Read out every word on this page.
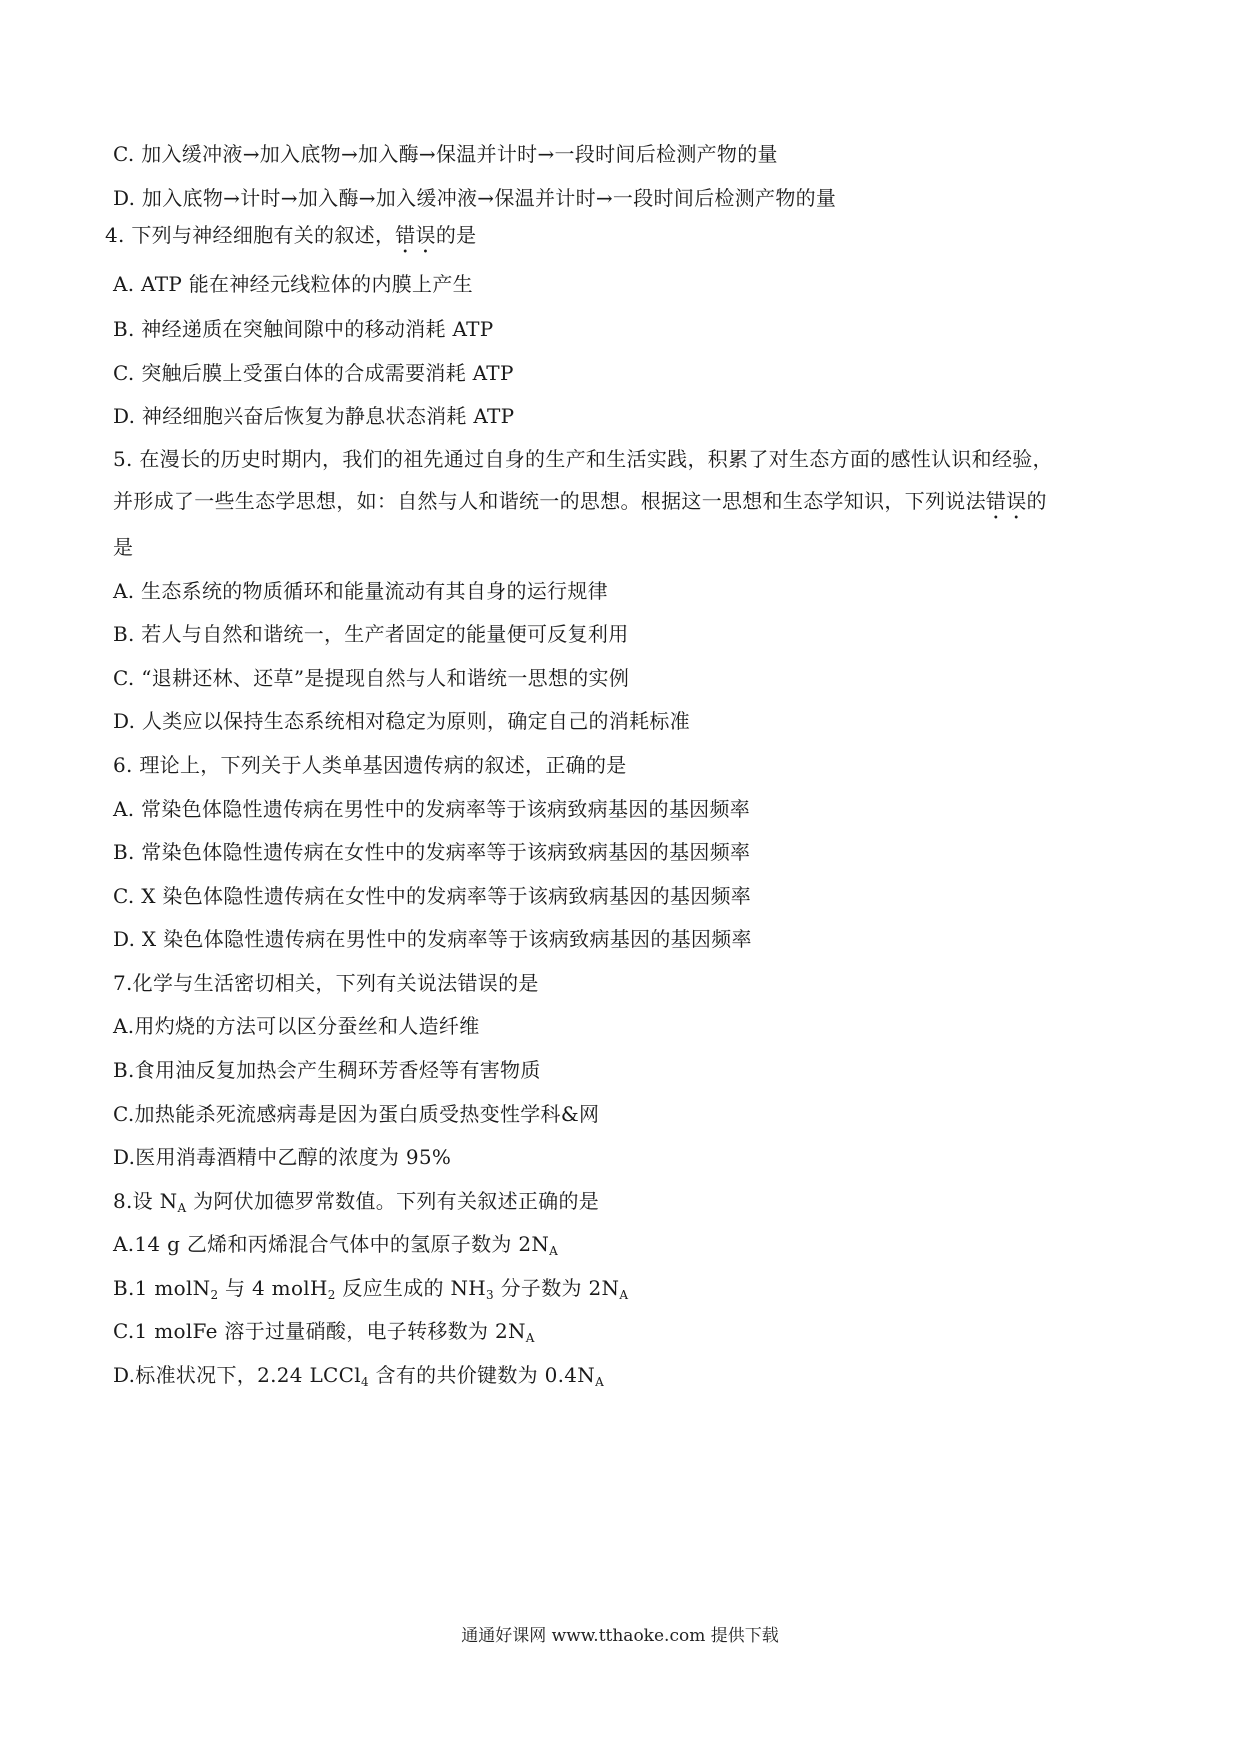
C. 加入缓冲液→加入底物→加入酶→保温并计时→一段时间后检测产物的量
D. 加入底物→计时→加入酶→加入缓冲液→保温并计时→一段时间后检测产物的量
4. 下列与神经细胞有关的叙述，错误的是
A. ATP 能在神经元线粒体的内膜上产生
B. 神经递质在突触间隙中的移动消耗 ATP
C. 突触后膜上受蛋白体的合成需要消耗 ATP
D. 神经细胞兴奋后恢复为静息状态消耗 ATP
5. 在漫长的历史时期内，我们的祖先通过自身的生产和生活实践，积累了对生态方面的感性认识和经验，
并形成了一些生态学思想，如：自然与人和谐统一的思想。根据这一思想和生态学知识，下列说法错误的
是
A. 生态系统的物质循环和能量流动有其自身的运行规律
B. 若人与自然和谐统一，生产者固定的能量便可反复利用
C. “退耕还林、还草”是提现自然与人和谐统一思想的实例
D. 人类应以保持生态系统相对稳定为原则，确定自己的消耗标准
6. 理论上，下列关于人类单基因遗传病的叙述，正确的是
A. 常染色体隐性遗传病在男性中的发病率等于该病致病基因的基因频率
B. 常染色体隐性遗传病在女性中的发病率等于该病致病基因的基因频率
C. X 染色体隐性遗传病在女性中的发病率等于该病致病基因的基因频率
D. X 染色体隐性遗传病在男性中的发病率等于该病致病基因的基因频率
7.化学与生活密切相关，下列有关说法错误的是
A.用灼烧的方法可以区分蚕丝和人造纤维
B.食用油反复加热会产生稠环芳香烃等有害物质
C.加热能杀死流感病毒是因为蛋白质受热变性学科&网
D.医用消毒酒精中乙醇的浓度为 95%
8.设 $N_A$ 为阿伏加德罗常数值。下列有关叙述正确的是
A.14 g 乙烯和丙烯混合气体中的氢原子数为 $2N_A$
B.1 molN$_2$ 与 4 molH$_2$ 反应生成的 $NH_3$ 分子数为 $2N_A$
C.1 molFe 溶于过量硝酸，电子转移数为 $2N_A$
D.标准状况下，2.24 LCCl$_4$ 含有的共价键数为 $0.4N_A$
通通好课网 www.tthaoke.com 提供下载
